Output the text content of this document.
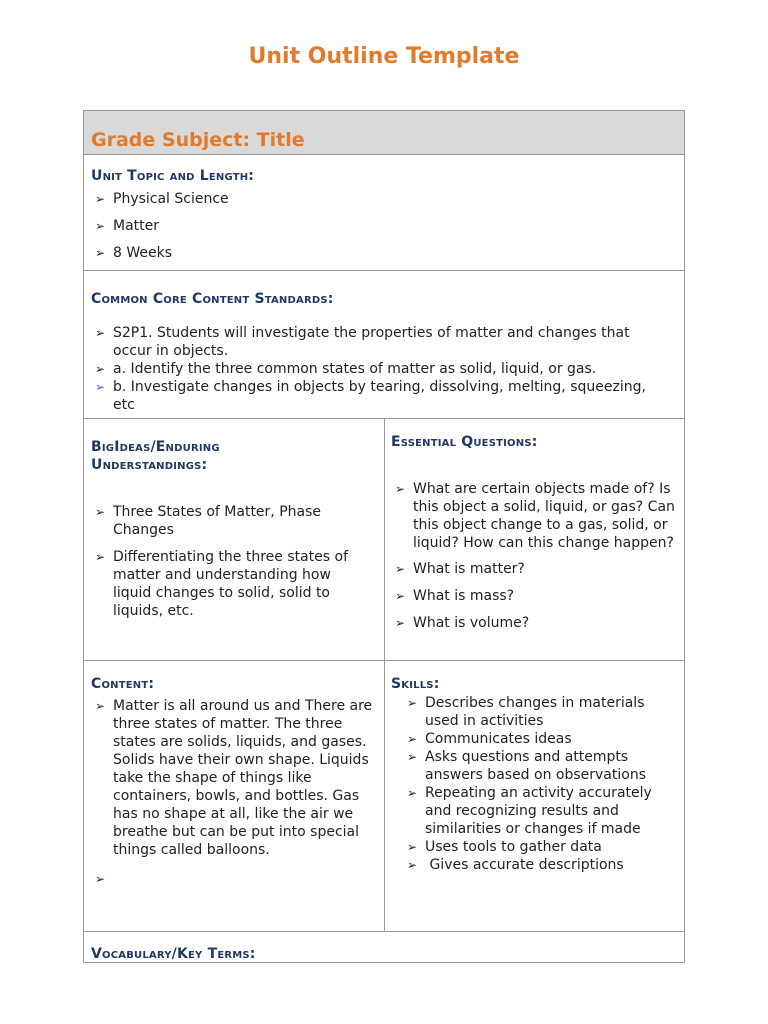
Unit Outline Template
Grade Subject: Title
Unit Topic and Length:
➢ Physical Science
➢ Matter
➢ 8 Weeks
Common Core Content Standards:
➢ S2P1. Students will investigate the properties of matter and changes that occur in objects.
➢ a. Identify the three common states of matter as solid, liquid, or gas.
➢ b. Investigate changes in objects by tearing, dissolving, melting, squeezing, etc
BigIdeas/Enduring
Understandings:
➢ Three States of Matter, Phase Changes
➢ Differentiating the three states of matter and understanding how liquid changes to solid, solid to liquids, etc.
Essential Questions:
➢ What are certain objects made of? Is this object a solid, liquid, or gas? Can this object change to a gas, solid, or liquid? How can this change happen?
➢ What is matter?
➢ What is mass?
➢ What is volume?
Content:
➢ Matter is all around us and There are three states of matter. The three states are solids, liquids, and gases. Solids have their own shape. Liquids take the shape of things like containers, bowls, and bottles. Gas has no shape at all, like the air we breathe but can be put into special things called balloons.
➢
Skills:
➢ Describes changes in materials used in activities
➢ Communicates ideas
➢ Asks questions and attempts answers based on observations
➢ Repeating an activity accurately and recognizing results and similarities or changes if made
➢ Uses tools to gather data
➢ Gives accurate descriptions
Vocabulary/Key Terms:
